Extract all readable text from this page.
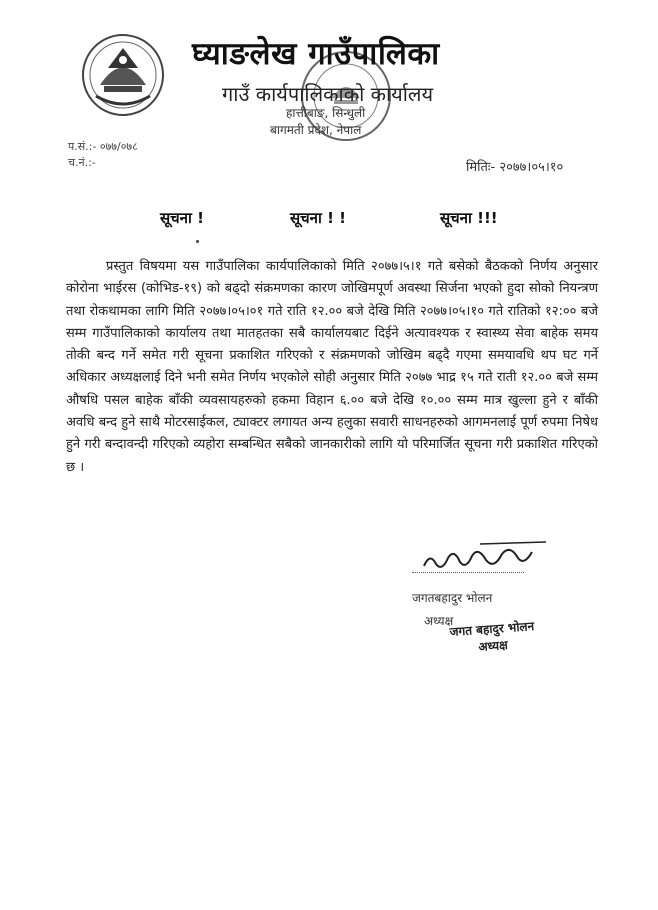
घ्याङलेख गाउँपालिका
गाउँ कार्यपालिकाको कार्यालय
हात्तीबाङ, सिन्धुली
बागमती प्रदेश, नेपाल
प.सं.:- ०७७/०७८
च.नं.:-	मितिः- २०७७।०५।१०
सूचना !	सूचना ! !	सूचना !!!

प्रस्तुत विषयमा यस गाउँपालिका कार्यपालिकाको मिति २०७७।५।१ गते बसेको बैठकको निर्णय अनुसार कोरोना भाईरस (कोभिड-१९) को बढ्दो संक्रमणका कारण जोखिमपूर्ण अवस्था सिर्जना भएको हुदा सोको नियन्त्रण तथा रोकथामका लागि मिति २०७७।०५।०१ गते राति १२.०० बजे देखि मिति २०७७।०५।१० गते रातिको १२:०० बजे सम्म गाउँपालिकाको कार्यालय तथा मातहतका सबै कार्यालयबाट दिईने अत्यावश्यक र स्वास्थ्य सेवा बाहेक समय तोकी बन्द गर्ने समेत गरी सूचना प्रकाशित गरिएको र संक्रमणको जोखिम बढ्दै गएमा समयावधि थप घट गर्ने अधिकार अध्यक्षलाई दिने भनी समेत निर्णय भएकोले सोही अनुसार मिति २०७७ भाद्र १५ गते राती १२.०० बजे सम्म औषधि पसल बाहेक बाँकी व्यवसायहरुको हकमा विहान ६.०० बजे देखि १०.०० सम्म मात्र खुल्ला हुने र बाँकी अवधि बन्द हुने साथै मोटरसाईकल, ट्याक्टर लगायत अन्य हलुका सवारी साधनहरुको आगमनलाई पूर्ण रुपमा निषेध हुने गरी बन्दावन्दी गरिएको व्यहोरा सम्बन्धित सबैको जानकारीको लागि यो परिमार्जित सूचना गरी प्रकाशित गरिएको छ ।

जगतबहादुर भोलन
अध्यक्ष
जगत बहादुर भोलन
अध्यक्ष
